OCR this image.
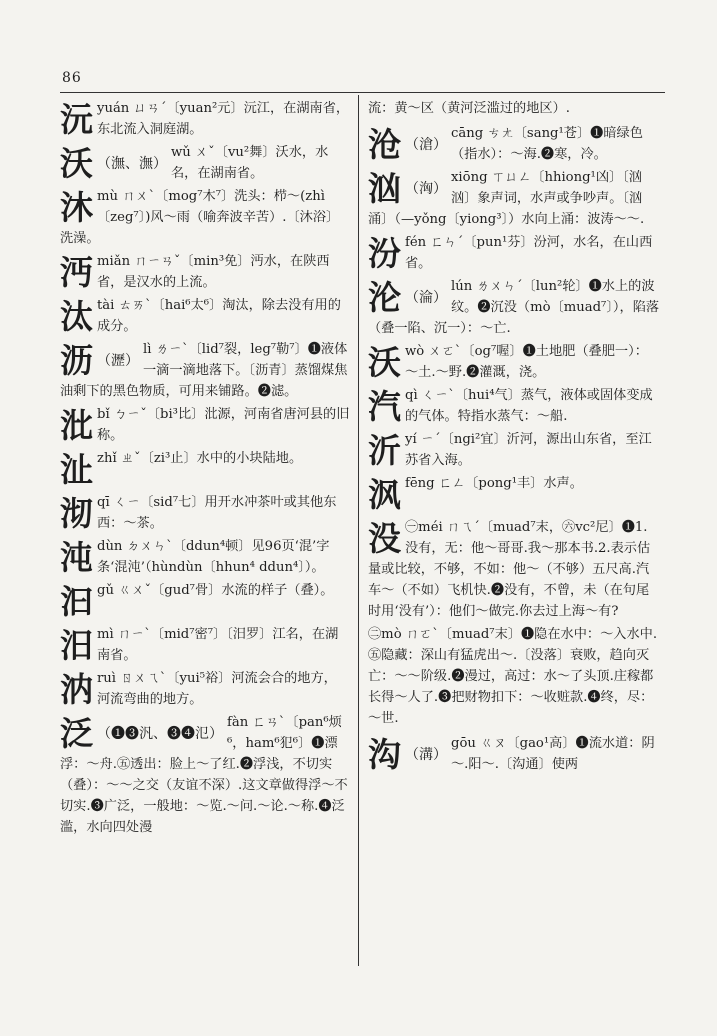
86
沅yuán ㄩㄢˊ〔yuan²元〕沅江，在湖南省，东北流入洞庭湖。
沃 （潕、潕）
wǔ ㄨˇ〔vu²舞〕沃水，水名，在湖南省。
沐mù ㄇㄨˋ〔mog⁷木⁷〕洗头：栉～(zhì〔zeg⁷〕)风～雨（喻奔波辛苦）.〔沐浴〕洗澡。
沔miǎn ㄇㄧㄢˇ〔min³免〕沔水，在陕西省，是汉水的上流。
汰tài ㄊㄞˋ〔hai⁶太⁶〕淘汰，除去没有用的成分。
沥 （瀝）
lì ㄌㄧˋ〔lid⁷裂，leg⁷勒⁷〕❶液体一滴一滴地落下。〔沥青〕蒸馏煤焦油剩下的黑色物质，可用来铺路。❷滤。
沘bǐ ㄅㄧˇ〔bi³比〕沘源，河南省唐河县的旧称。
沚zhǐ ㄓˇ〔zi³止〕水中的小块陆地。
沏qī ㄑㄧ〔sid⁷七〕用开水冲茶叶或其他东西：～茶。
沌dùn ㄉㄨㄣˋ〔ddun⁴顿〕见96页‘混’字条‘混沌’（hùndùn〔hhun⁴ ddun⁴〕）。
汩gǔ ㄍㄨˇ〔gud⁷骨〕水流的样子（叠）。
汨mì ㄇㄧˋ〔mid⁷密⁷〕〔汨罗〕江名，在湖南省。
汭ruì ㄖㄨㄟˋ〔yui⁵裕〕河流会合的地方，河流弯曲的地方。
泛 （❶❸汎、❸❹氾）
fàn ㄈㄢˋ〔pan⁶烦⁶，ham⁶犯⁶〕❶漂浮：～舟.㊄透出：脸上～了红.❷浮浅，不切实（叠）：～～之交（友谊不深）.这文章做得浮～不切实.❸广泛，一般地：～览.～问.～论.～称.❹泛滥，水向四处漫
流：黄～区（黄河泛滥过的地区）.
沧 （滄）
cāng ㄘㄤ〔sang¹苍〕❶暗绿色（指水）：～海.❷寒，冷。
汹 （洶）
xiōng ㄒㄩㄥ〔hhiong¹凶〕〔汹汹〕象声词，水声或争吵声。〔汹涌〕（—yǒng〔yiong³〕）水向上涌：波涛～～.
汾fén ㄈㄣˊ〔pun¹芬〕汾河，水名，在山西省。
沦 （淪）
lún ㄌㄨㄣˊ〔lun²轮〕❶水上的波纹。❷沉没（mò〔muad⁷〕），陷落（叠一陷、沉一）：～亡.
沃wò ㄨㄛˋ〔og⁷喔〕❶土地肥（叠肥一）：～土.～野.❷灌溉，浇。
汽qì ㄑㄧˋ〔hui⁴气〕蒸气，液体或固体变成的气体。特指水蒸气：～船.
沂yí ㄧˊ〔ngi²宜〕沂河，源出山东省，至江苏省入海。
沨fēng ㄈㄥ〔pong¹丰〕水声。
没 ㊀méi ㄇㄟˊ〔muad⁷末，㊅vc²尼〕❶1.没有，无：他～哥哥.我～那本书.2.表示估量或比较，不够，不如：他～（不够）五尺高.汽车～（不如）飞机快.❷没有，不曾，未（在句尾时用‘没有’）：他们～做完.你去过上海～有?
㊁mò ㄇㄛˋ〔muad⁷末〕❶隐在水中：～入水中.㊄隐藏：深山有猛虎出～.〔没落〕衰败，趋向灭亡：～～阶级.❷漫过，高过：水～了头顶.庄稼都长得～人了.❸把财物扣下：～收赃款.❹终，尽：～世.
沟 （溝）
gōu ㄍㄡ〔gao¹高〕❶流水道：阴～.阳～.〔沟通〕使两
